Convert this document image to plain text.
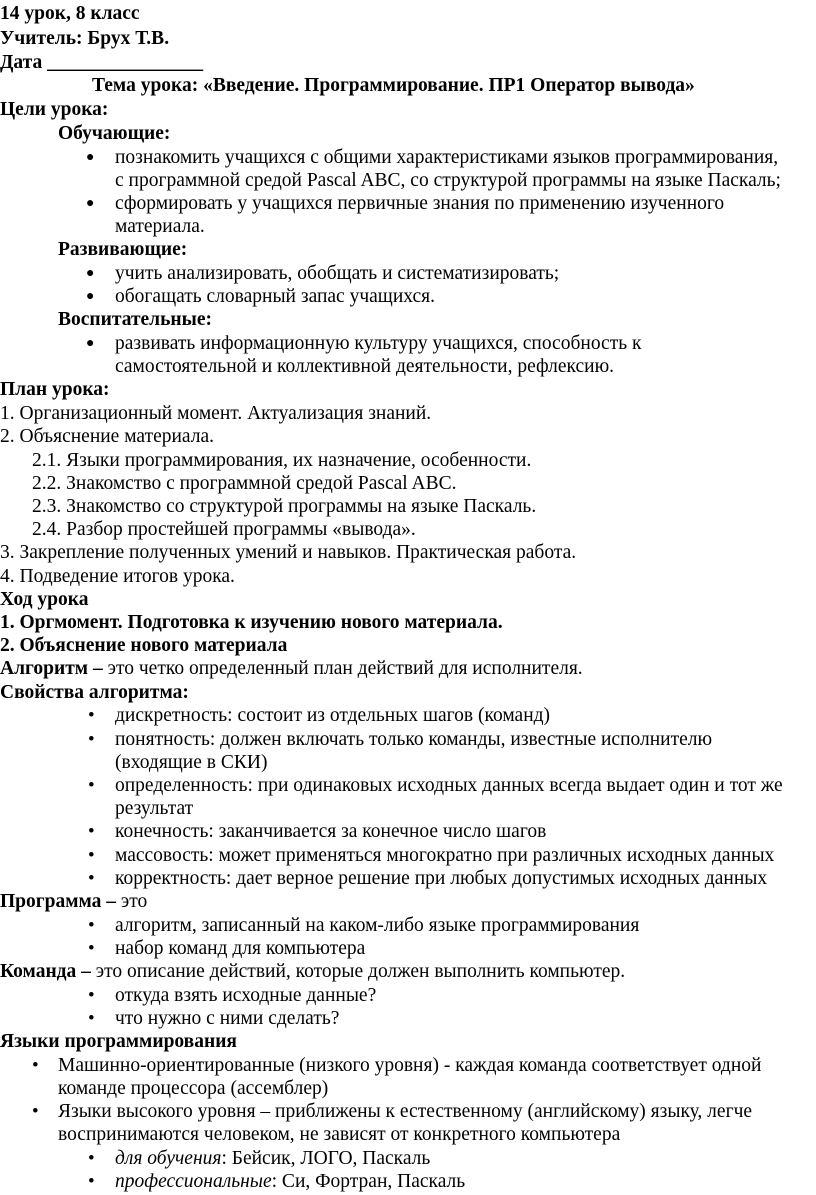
14 урок, 8 класс
Учитель: Брух Т.В.
Дата ________________
Тема урока: «Введение. Программирование. ПР1 Оператор вывода»
Цели урока:
Обучающие:
● познакомить учащихся с общими характеристиками языков программирования,
с программной средой Pascal ABC, со структурой программы на языке Паскаль;
● сформировать у учащихся первичные знания по применению изученного
материала.
Развивающие:
● учить анализировать, обобщать и систематизировать;
● обогащать словарный запас учащихся.
Воспитательные:
● развивать информационную культуру учащихся, способность к
самостоятельной и коллективной деятельности, рефлексию.
План урока:
1. Организационный момент. Актуализация знаний.
2. Объяснение материала.
2.1. Языки программирования, их назначение, особенности.
2.2. Знакомство с программной средой Pascal ABC.
2.3. Знакомство со структурой программы на языке Паскаль.
2.4. Разбор простейшей программы «вывода».
3. Закрепление полученных умений и навыков. Практическая работа.
4. Подведение итогов урока.
Ход урока
1. Оргмомент. Подготовка к изучению нового материала.
2. Объяснение нового материала
Алгоритм – это четко определенный план действий для исполнителя.
Свойства алгоритма:
• дискретность: состоит из отдельных шагов (команд)
• понятность: должен включать только команды, известные исполнителю
(входящие в СКИ)
• определенность: при одинаковых исходных данных всегда выдает один и тот же
результат
• конечность: заканчивается за конечное число шагов
• массовость: может применяться многократно при различных исходных данных
• корректность: дает верное решение при любых допустимых исходных данных
Программа – это
• алгоритм, записанный на каком-либо языке программирования
• набор команд для компьютера
Команда – это описание действий, которые должен выполнить компьютер.
• откуда взять исходные данные?
• что нужно с ними сделать?
Языки программирования
• Машинно-ориентированные (низкого уровня) - каждая команда соответствует одной
команде процессора (ассемблер)
• Языки высокого уровня – приближены к естественному (английскому) языку, легче
воспринимаются человеком, не зависят от конкретного компьютера
• для обучения: Бейсик, ЛОГО, Паскаль
• профессиональные: Си, Фортран, Паскаль
